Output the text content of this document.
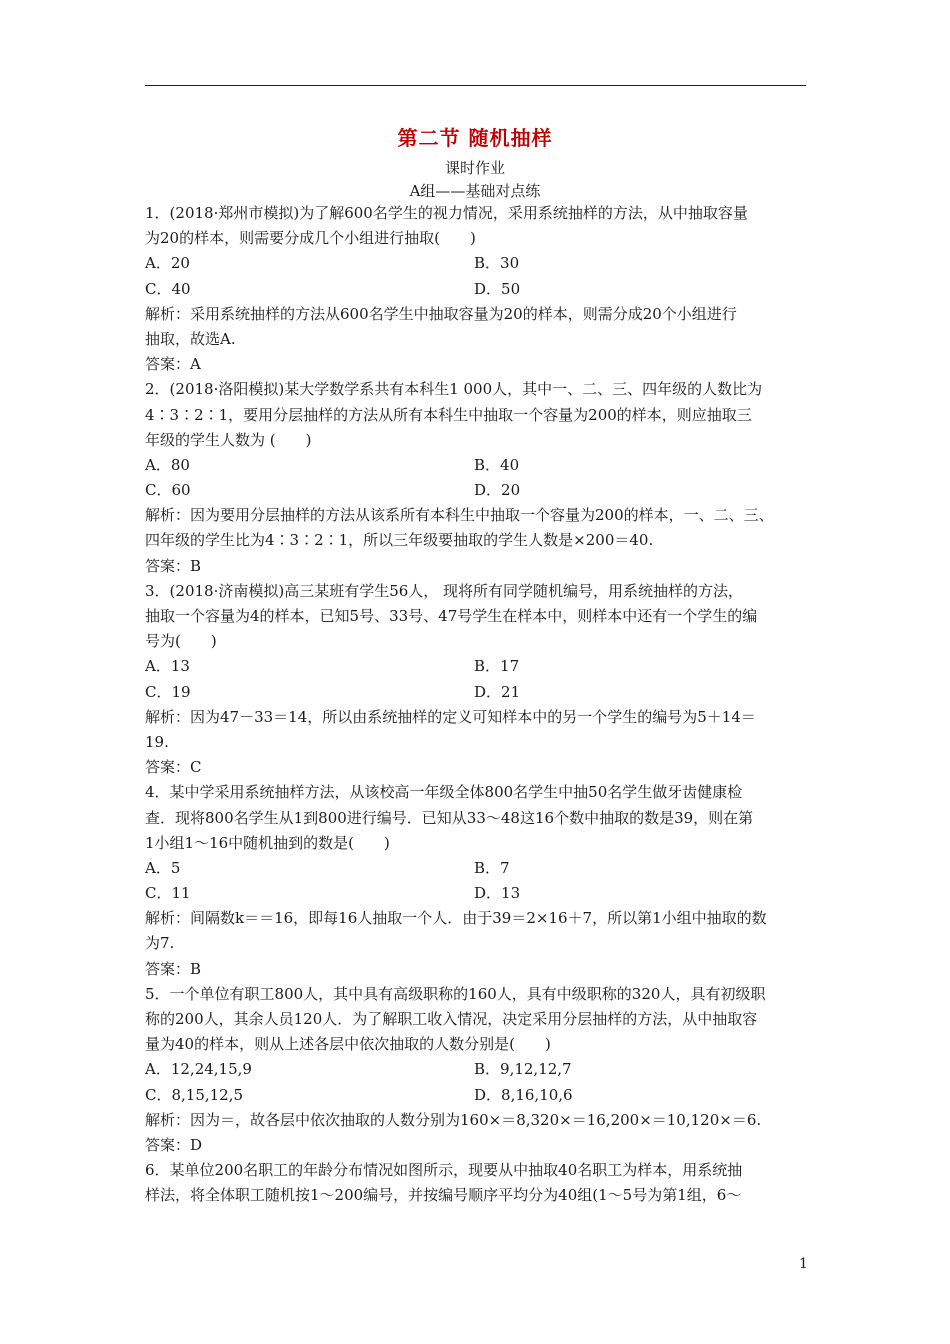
第二节 随机抽样
课时作业
A组——基础对点练
1．(2018·郑州市模拟)为了解600名学生的视力情况，采用系统抽样的方法，从中抽取容量
为20的样本，则需要分成几个小组进行抽取(　　)
A．20	B．30
C．40	D．50
解析：采用系统抽样的方法从600名学生中抽取容量为20的样本，则需分成20个小组进行
抽取，故选A.
答案：A
2．(2018·洛阳模拟)某大学数学系共有本科生1 000人，其中一、二、三、四年级的人数比为
4∶3∶2∶1，要用分层抽样的方法从所有本科生中抽取一个容量为200的样本，则应抽取三
年级的学生人数为 (　　)
A．80	B．40
C．60	D．20
解析：因为要用分层抽样的方法从该系所有本科生中抽取一个容量为200的样本，一、二、三、
四年级的学生比为4∶3∶2∶1，所以三年级要抽取的学生人数是×200＝40.
答案：B
3．(2018·济南模拟)高三某班有学生56人， 现将所有同学随机编号，用系统抽样的方法，
抽取一个容量为4的样本，已知5号、33号、47号学生在样本中，则样本中还有一个学生的编
号为(　　)
A．13	B．17
C．19	D．21
解析：因为47－33＝14，所以由系统抽样的定义可知样本中的另一个学生的编号为5＋14＝
19.
答案：C
4．某中学采用系统抽样方法，从该校高一年级全体800名学生中抽50名学生做牙齿健康检
查．现将800名学生从1到800进行编号．已知从33～48这16个数中抽取的数是39，则在第
1小组1～16中随机抽到的数是(　　)
A．5	B．7
C．11	D．13
解析：间隔数k＝＝16，即每16人抽取一个人．由于39＝2×16＋7，所以第1小组中抽取的数
为7.
答案：B
5．一个单位有职工800人，其中具有高级职称的160人，具有中级职称的320人，具有初级职
称的200人，其余人员120人．为了解职工收入情况，决定采用分层抽样的方法，从中抽取容
量为40的样本，则从上述各层中依次抽取的人数分别是(　　)
A．12,24,15,9	B．9,12,12,7
C．8,15,12,5	D．8,16,10,6
解析：因为＝，故各层中依次抽取的人数分别为160×＝8,320×＝16,200×＝10,120×＝6.
答案：D
6．某单位200名职工的年龄分布情况如图所示，现要从中抽取40名职工为样本，用系统抽
样法，将全体职工随机按1～200编号，并按编号顺序平均分为40组(1～5号为第1组，6～
1
